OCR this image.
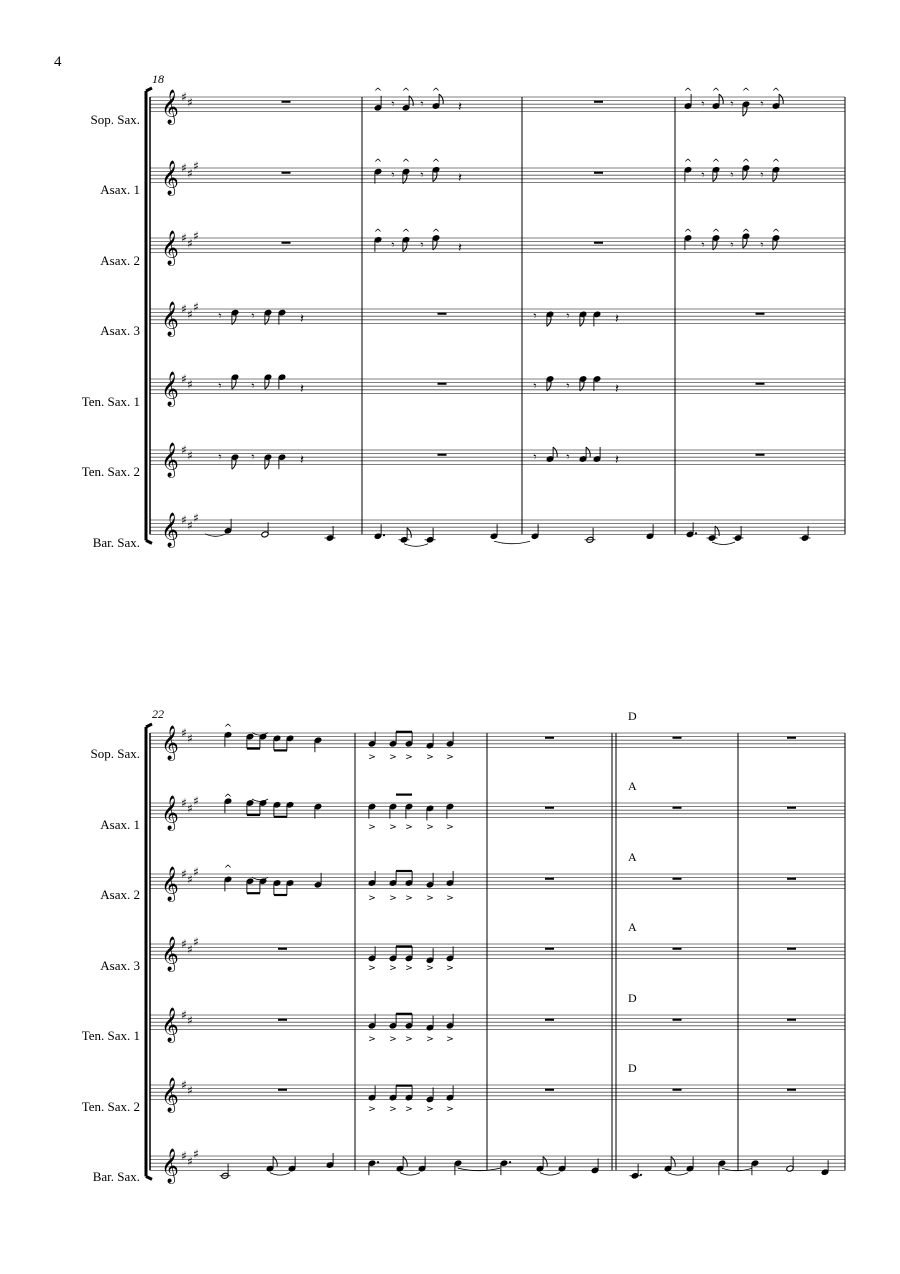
4
Sop. Sax.
Asax. 1
Asax. 2
Asax. 3
Ten. Sax. 1
Ten. Sax. 2
Bar. Sax.
Sop. Sax.
Asax. 1
Asax. 2
Asax. 3
Ten. Sax. 1
Ten. Sax. 2
Bar. Sax.
18
22	D
A
A
A
D
D
𝄞 ♯ ♯
𝄞 ♯ ♯
♯
𝄞 ♯ ♯
♯
𝄞 ♯ ♯
♯
𝄞 ♯ ♯
𝄞 ♯ ♯
𝄞 ♯ ♯
♯
^
𝄾
^
𝄾
^
𝄽
^
𝄾
^
𝄾
^
𝄾
^
^
𝄾
^
𝄾
^
𝄽
^
𝄾
^
𝄾
^
𝄾
^
^
𝄾
^
𝄾
^
𝄽
^
𝄾
^
𝄾
^
𝄾
^
𝄾 𝄾	𝄽	𝄾 𝄾	𝄽
𝄾 𝄾	𝄽	𝄾 𝄾	𝄽
𝄾 𝄾	𝄽	𝄾 𝄾	𝄽
𝄞 ♯ ♯
𝄞 ♯ ♯
♯
𝄞 ♯ ♯
♯
𝄞 ♯ ♯
♯
𝄞 ♯ ♯
𝄞 ♯ ♯
𝄞 ♯ ♯
♯
^
^
^
> > > > >
> > > > >
> > > > >
> > > > >
> > > > >
> > > > >
